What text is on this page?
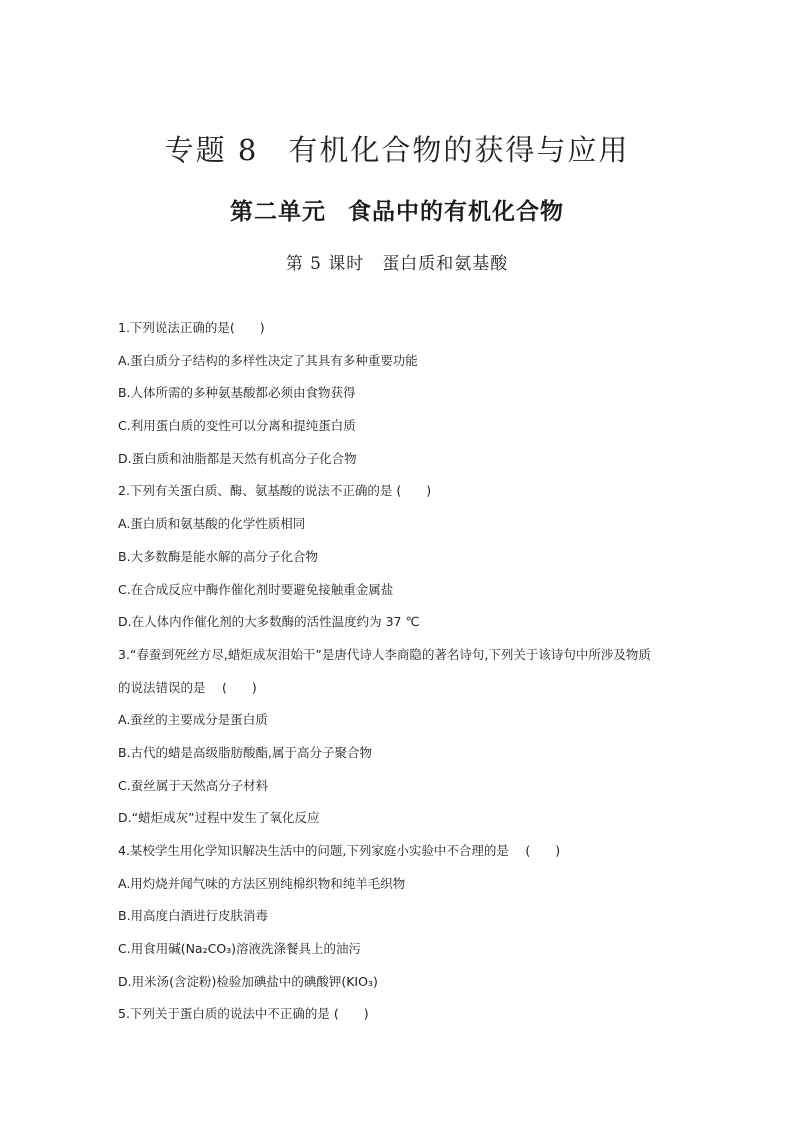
专题 8 有机化合物的获得与应用
第二单元 食品中的有机化合物
第 5 课时 蛋白质和氨基酸
1.下列说法正确的是(　　)
A.蛋白质分子结构的多样性决定了其具有多种重要功能
B.人体所需的多种氨基酸都必须由食物获得
C.利用蛋白质的变性可以分离和提纯蛋白质
D.蛋白质和油脂都是天然有机高分子化合物
2.下列有关蛋白质、酶、氨基酸的说法不正确的是 (　　)
A.蛋白质和氨基酸的化学性质相同
B.大多数酶是能水解的高分子化合物
C.在合成反应中酶作催化剂时要避免接触重金属盐
D.在人体内作催化剂的大多数酶的活性温度约为 37 ℃
3.“春蚕到死丝方尽,蜡炬成灰泪始干”是唐代诗人李商隐的著名诗句,下列关于该诗句中所涉及物质
的说法错误的是　 (　　)
A.蚕丝的主要成分是蛋白质
B.古代的蜡是高级脂肪酸酯,属于高分子聚合物
C.蚕丝属于天然高分子材料
D.“蜡炬成灰”过程中发生了氧化反应
4.某校学生用化学知识解决生活中的问题,下列家庭小实验中不合理的是　 (　　)
A.用灼烧并闻气味的方法区别纯棉织物和纯羊毛织物
B.用高度白酒进行皮肤消毒
C.用食用碱(Na₂CO₃)溶液洗涤餐具上的油污
D.用米汤(含淀粉)检验加碘盐中的碘酸钾(KIO₃)
5.下列关于蛋白质的说法中不正确的是 (　　)
